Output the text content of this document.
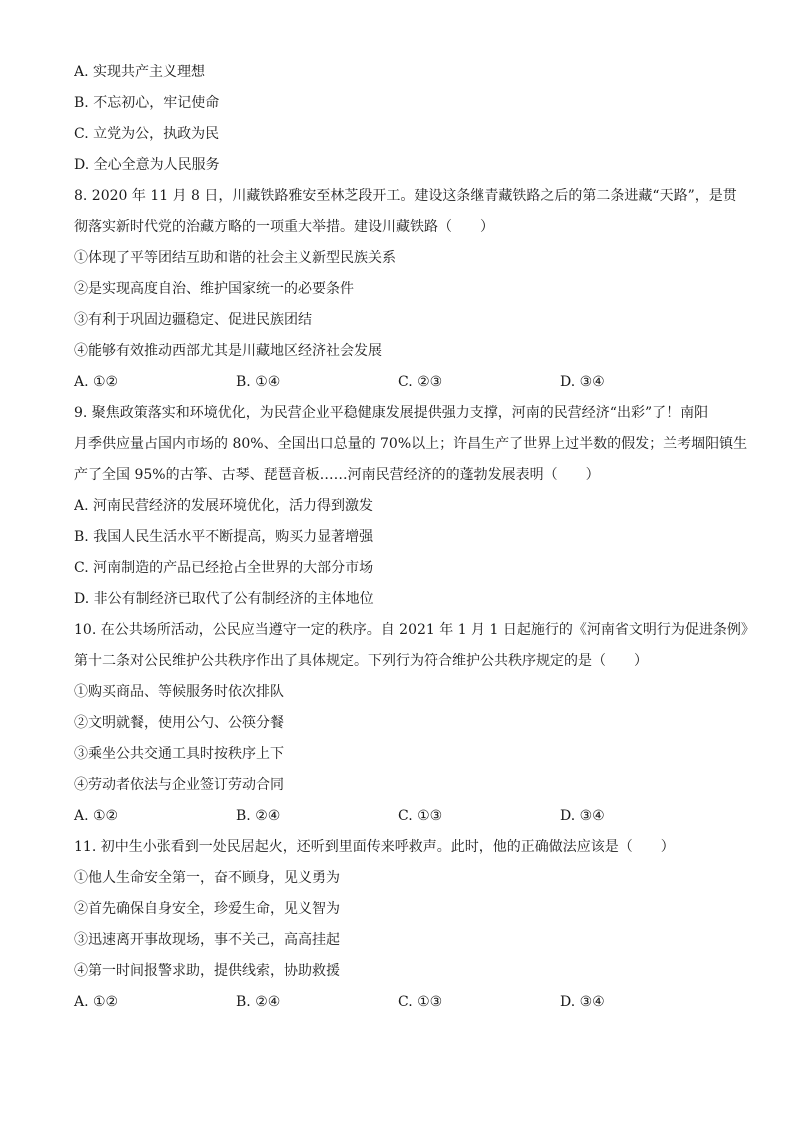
A. 实现共产主义理想
B. 不忘初心，牢记使命
C. 立党为公，执政为民
D. 全心全意为人民服务
8. 2020 年 11 月 8 日，川藏铁路雅安至林芝段开工。建设这条继青藏铁路之后的第二条进藏“天路”，是贯
彻落实新时代党的治藏方略的一项重大举措。建设川藏铁路（　　）
①体现了平等团结互助和谐的社会主义新型民族关系
②是实现高度自治、维护国家统一的必要条件
③有利于巩固边疆稳定、促进民族团结
④能够有效推动西部尤其是川藏地区经济社会发展
A. ①②	B. ①④	C. ②③	D. ③④
9. 聚焦政策落实和环境优化，为民营企业平稳健康发展提供强力支撑，河南的民营经济“出彩”了！南阳
月季供应量占国内市场的 80%、全国出口总量的 70%以上；许昌生产了世界上过半数的假发；兰考堌阳镇生
产了全国 95%的古筝、古琴、琵琶音板……河南民营经济的的蓬勃发展表明（　　）
A. 河南民营经济的发展环境优化，活力得到激发
B. 我国人民生活水平不断提高，购买力显著增强
C. 河南制造的产品已经抢占全世界的大部分市场
D. 非公有制经济已取代了公有制经济的主体地位
10. 在公共场所活动，公民应当遵守一定的秩序。自 2021 年 1 月 1 日起施行的《河南省文明行为促进条例》
第十二条对公民维护公共秩序作出了具体规定。下列行为符合维护公共秩序规定的是（　　）
①购买商品、等候服务时依次排队
②文明就餐，使用公勺、公筷分餐
③乘坐公共交通工具时按秩序上下
④劳动者依法与企业签订劳动合同
A. ①②	B. ②④	C. ①③	D. ③④
11. 初中生小张看到一处民居起火，还听到里面传来呼救声。此时，他的正确做法应该是（　　）
①他人生命安全第一，奋不顾身，见义勇为
②首先确保自身安全，珍爱生命，见义智为
③迅速离开事故现场，事不关己，高高挂起
④第一时间报警求助，提供线索，协助救援
A. ①②	B. ②④	C. ①③	D. ③④
